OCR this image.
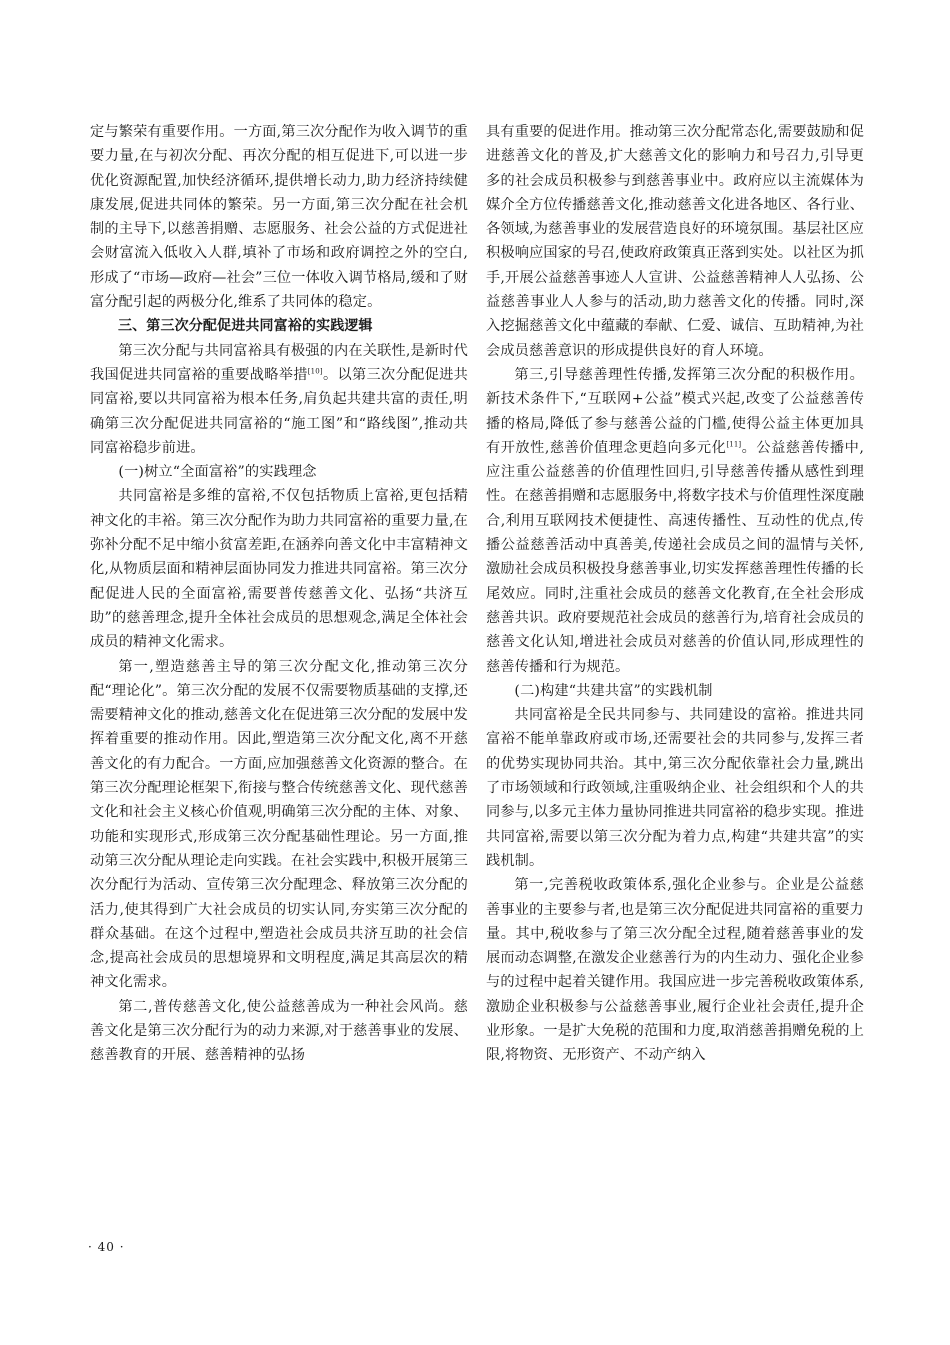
定与繁荣有重要作用。一方面,第三次分配作为收入调节的重要力量,在与初次分配、再次分配的相互促进下,可以进一步优化资源配置,加快经济循环,提供增长动力,助力经济持续健康发展,促进共同体的繁荣。另一方面,第三次分配在社会机制的主导下,以慈善捐赠、志愿服务、社会公益的方式促进社会财富流入低收入人群,填补了市场和政府调控之外的空白,形成了“市场—政府—社会”三位一体收入调节格局,缓和了财富分配引起的两极分化,维系了共同体的稳定。

三、第三次分配促进共同富裕的实践逻辑

第三次分配与共同富裕具有极强的内在关联性,是新时代我国促进共同富裕的重要战略举措[10]。以第三次分配促进共同富裕,要以共同富裕为根本任务,肩负起共建共富的责任,明确第三次分配促进共同富裕的“施工图”和“路线图”,推动共同富裕稳步前进。

(一)树立“全面富裕”的实践理念

共同富裕是多维的富裕,不仅包括物质上富裕,更包括精神文化的丰裕。第三次分配作为助力共同富裕的重要力量,在弥补分配不足中缩小贫富差距,在涵养向善文化中丰富精神文化,从物质层面和精神层面协同发力推进共同富裕。第三次分配促进人民的全面富裕,需要普传慈善文化、弘扬“共济互助”的慈善理念,提升全体社会成员的思想观念,满足全体社会成员的精神文化需求。

第一,塑造慈善主导的第三次分配文化,推动第三次分配“理论化”。第三次分配的发展不仅需要物质基础的支撑,还需要精神文化的推动,慈善文化在促进第三次分配的发展中发挥着重要的推动作用。因此,塑造第三次分配文化,离不开慈善文化的有力配合。一方面,应加强慈善文化资源的整合。在第三次分配理论框架下,衔接与整合传统慈善文化、现代慈善文化和社会主义核心价值观,明确第三次分配的主体、对象、功能和实现形式,形成第三次分配基础性理论。另一方面,推动第三次分配从理论走向实践。在社会实践中,积极开展第三次分配行为活动、宣传第三次分配理念、释放第三次分配的活力,使其得到广大社会成员的切实认同,夯实第三次分配的群众基础。在这个过程中,塑造社会成员共济互助的社会信念,提高社会成员的思想境界和文明程度,满足其高层次的精神文化需求。

第二,普传慈善文化,使公益慈善成为一种社会风尚。慈善文化是第三次分配行为的动力来源,对于慈善事业的发展、慈善教育的开展、慈善精神的弘扬

具有重要的促进作用。推动第三次分配常态化,需要鼓励和促进慈善文化的普及,扩大慈善文化的影响力和号召力,引导更多的社会成员积极参与到慈善事业中。政府应以主流媒体为媒介全方位传播慈善文化,推动慈善文化进各地区、各行业、各领域,为慈善事业的发展营造良好的环境氛围。基层社区应积极响应国家的号召,使政府政策真正落到实处。以社区为抓手,开展公益慈善事迹人人宣讲、公益慈善精神人人弘扬、公益慈善事业人人参与的活动,助力慈善文化的传播。同时,深入挖掘慈善文化中蕴藏的奉献、仁爱、诚信、互助精神,为社会成员慈善意识的形成提供良好的育人环境。

第三,引导慈善理性传播,发挥第三次分配的积极作用。新技术条件下,“互联网+公益”模式兴起,改变了公益慈善传播的格局,降低了参与慈善公益的门槛,使得公益主体更加具有开放性,慈善价值理念更趋向多元化[11]。公益慈善传播中,应注重公益慈善的价值理性回归,引导慈善传播从感性到理性。在慈善捐赠和志愿服务中,将数字技术与价值理性深度融合,利用互联网技术便捷性、高速传播性、互动性的优点,传播公益慈善活动中真善美,传递社会成员之间的温情与关怀,激励社会成员积极投身慈善事业,切实发挥慈善理性传播的长尾效应。同时,注重社会成员的慈善文化教育,在全社会形成慈善共识。政府要规范社会成员的慈善行为,培育社会成员的慈善文化认知,增进社会成员对慈善的价值认同,形成理性的慈善传播和行为规范。

(二)构建“共建共富”的实践机制

共同富裕是全民共同参与、共同建设的富裕。推进共同富裕不能单靠政府或市场,还需要社会的共同参与,发挥三者的优势实现协同共治。其中,第三次分配依靠社会力量,跳出了市场领域和行政领域,注重吸纳企业、社会组织和个人的共同参与,以多元主体力量协同推进共同富裕的稳步实现。推进共同富裕,需要以第三次分配为着力点,构建“共建共富”的实践机制。

第一,完善税收政策体系,强化企业参与。企业是公益慈善事业的主要参与者,也是第三次分配促进共同富裕的重要力量。其中,税收参与了第三次分配全过程,随着慈善事业的发展而动态调整,在激发企业慈善行为的内生动力、强化企业参与的过程中起着关键作用。我国应进一步完善税收政策体系,激励企业积极参与公益慈善事业,履行企业社会责任,提升企业形象。一是扩大免税的范围和力度,取消慈善捐赠免税的上限,将物资、无形资产、不动产纳入

· 40 ·
